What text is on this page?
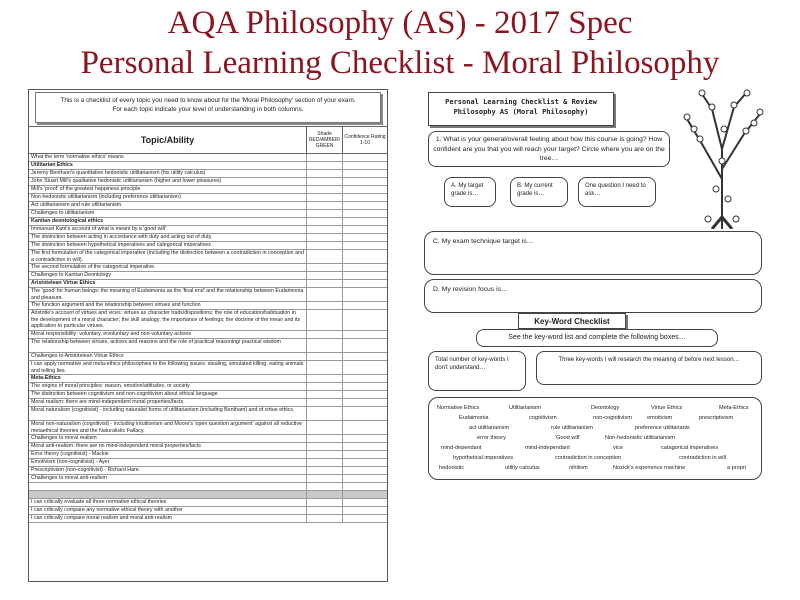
AQA Philosophy (AS) - 2017 Spec
Personal Learning Checklist - Moral Philosophy
This is a checklist of every topic you need to know about for the 'Moral Philosophy' section of your exam.
For each topic indicate your level of understanding in both columns.
Topic/Ability
Shade RED/AMBER/ GREEN
Confidence Rating 1-10
What the term 'normative ethics' means
Utilitarian Ethics
Jeremy Bentham's quantitative hedonistic utilitarianism (his utility calculus)
John Stuart Mill's qualitative hedonistic utilitarianism (higher and lower pleasures)
Mill's 'proof' of the greatest happiness principle
Non-hedonistic utilitarianism (including preference utilitarianism)
Act utilitarianism and rule utilitarianism.
Challenges to utilitarianism
Kantian deontological ethics
Immanuel Kant's account of what is meant by a 'good will'
The distinction between acting in accordance with duty and acting out of duty.
The distinction between hypothetical imperatives and categorical imperatives
The first formulation of the categorical imperative (including the distinction between a contradiction in conception and a contradiction in will).
The second formulation of the categorical imperative.
Challenges to Kantian Deontology
Aristotelean Virtue Ethics
The 'good' for human beings: the meaning of Eudaimonia as the 'final end' and the relationship between Eudaimonia and pleasure.
The function argument and the relationship between virtues and function
Aristotle's account of virtues and vices: virtues as character traits/dispositions; the role of education/habituation in the development of a moral character; the skill analogy; the importance of feelings; the doctrine of the mean and its application to particular virtues.
Moral responsibility: voluntary, involuntary and non-voluntary actions
The relationship between virtues, actions and reasons and the role of practical reasoning/ practical wisdom
Challenges to Aristotelean Virtue Ethics
I can apply normative and meta-ethics philosophies to the following issues: stealing, simulated killing, eating animals and telling lies.
Meta-Ethics
The origins of moral principles: reason, emotion/attitudes, or society.
The distinction between cognitivism and non-cognitivism about ethical language
Moral realism: there are mind-independent moral properties/facts
Moral naturalism (cognitivist) - including naturalist forms of utilitarianism (including Bentham) and of virtue ethics.
Moral non-naturalism (cognitivist) - including intuitionism and Moore's 'open question argument' against all reductive metaethical theories and the Naturalistic Fallacy.
Challenges to moral realism
Moral anti-realism: there are no mind-independent moral properties/facts
Error theory (cognitivist) - Mackie
Emotivism (non-cognitivist) - Ayer
Prescriptivism (non-cognitivist) - Richard Hare.
Challenges to moral anti-realism
I can critically evaluate all three normative ethical theories
I can critically compare any normative ethical theory with another
I can critically compare moral realism and moral anti-realism
Personal Learning Checklist & Review
Philosophy AS (Moral Philosophy)
1. What is your general/overall feeling about how this course is going? How confident are you that you will reach your target? Circle where you are on the tree…
A. My target grade is…
B. My current grade is…
One question I need to ask…
C. My exam technique target is…
D. My revision focus is…
Key-Word Checklist
See the key-word list and complete the following boxes…
Total number of key-words I don't understand…
Three key-words I will research the meaning of before next lesson…
Normative Ethics	Utilitarianism	Deontology	Virtue Ethics	Meta-Ethics
Eudaimonia	cognitivism	non-cognitivism	emotivism	prescriptivism
act utilitarianism	rule utilitarianism	preference utilitarianis
error theory	'Good will'	Non-hedonistic utilitarianism
mind-dependant	mind-independant	vice	catagorical imperatives
hypothetical imperatives	contradiction in conception	contradiction in will
hedonistic	utility calculus	nihilism	Nozick's experience machine	a propri
